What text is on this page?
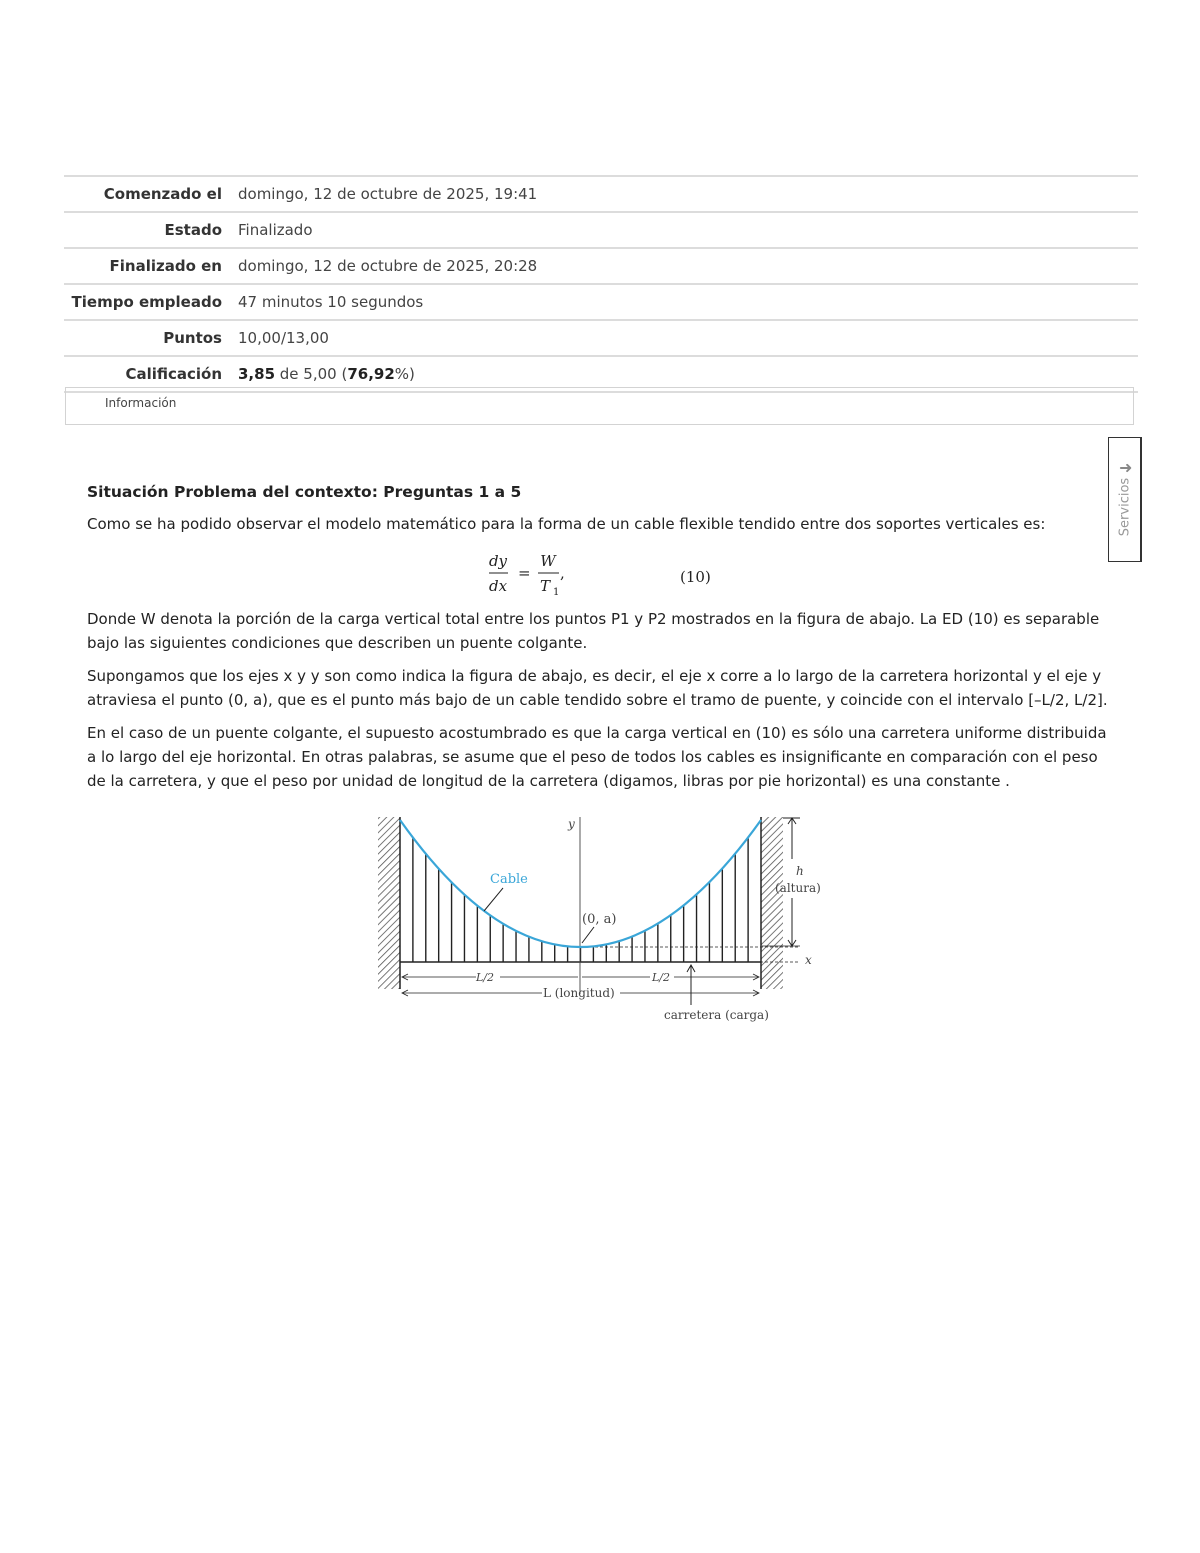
Comenzado el	domingo, 12 de octubre de 2025, 19:41
Estado	Finalizado
Finalizado en	domingo, 12 de octubre de 2025, 20:28
Tiempo empleado	47 minutos 10 segundos
Puntos	10,00/13,00
Calificación	3,85 de 5,00 (76,92%)
Información
➜
Servicios
Situación Problema del contexto: Preguntas 1 a 5

Como se ha podido observar el modelo matemático para la forma de un cable flexible tendido entre dos soportes verticales es:

dy
dx
=
W
T 1
,	(10)

Donde W denota la porción de la carga vertical total entre los puntos P1 y P2 mostrados en la figura de abajo. La ED (10) es separable bajo las siguientes condiciones que describen un puente colgante.

Supongamos que los ejes x y y son como indica la figura de abajo, es decir, el eje x corre a lo largo de la carretera horizontal y el eje y atraviesa el punto (0, a), que es el punto más bajo de un cable tendido sobre el tramo de puente, y coincide con el intervalo [–L/2, L/2].

En el caso de un puente colgante, el supuesto acostumbrado es que la carga vertical en (10) es sólo una carretera uniforme distribuida a lo largo del eje horizontal. En otras palabras, se asume que el peso de todos los cables es insignificante en comparación con el peso de la carretera, y que el peso por unidad de longitud de la carretera (digamos, libras por pie horizontal) es una constante .

y
x
Cable
(0, a)
h
(altura)
L/2	L/2
L (longitud)
carretera (carga)
